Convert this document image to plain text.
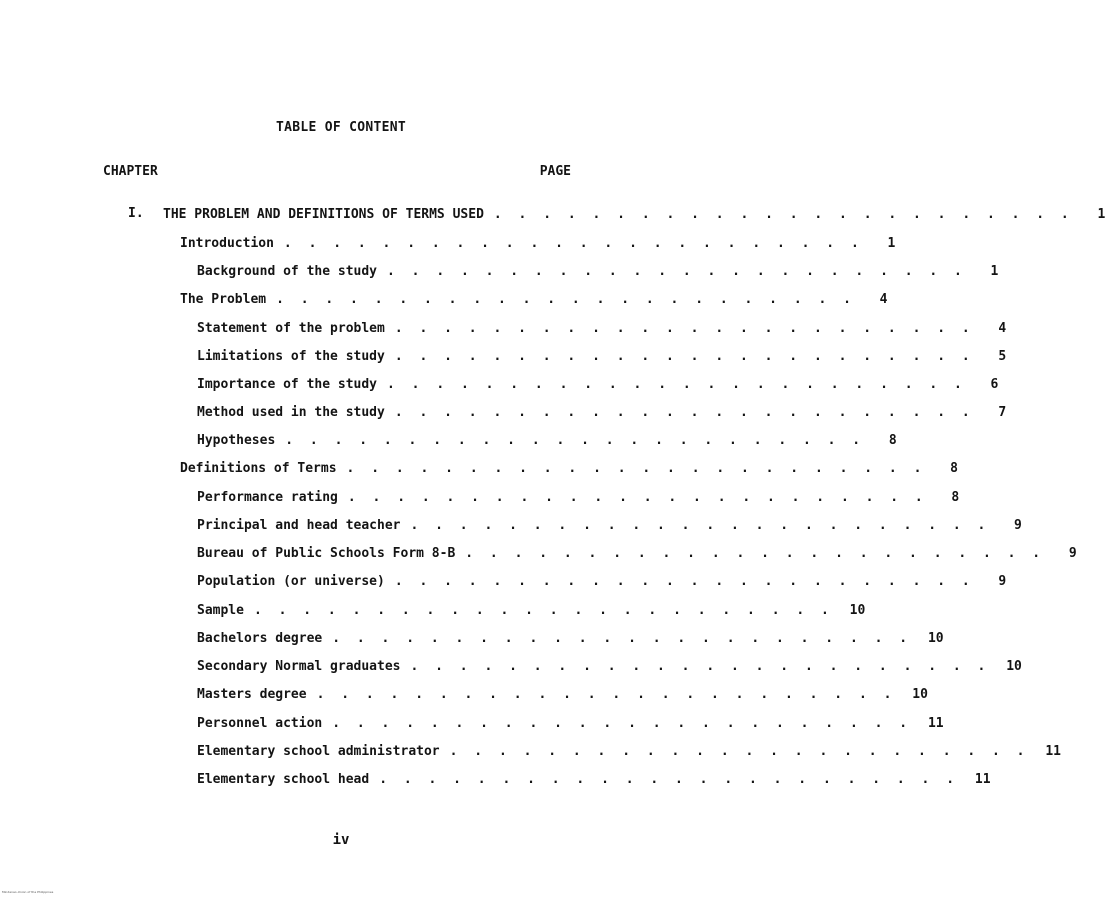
TABLE OF CONTENT
CHAPTER	PAGE
I. THE PROBLEM AND DEFINITIONS OF TERMS USED . . . . . . . . . . . . . . . . . . . . . . . .	1
Introduction . . . . . . . . . . . . . . . . . . . . . . . .	1
Background of the study . . . . . . . . . . . . . . . . . . . . . . . .	1
The Problem . . . . . . . . . . . . . . . . . . . . . . . .	4
Statement of the problem . . . . . . . . . . . . . . . . . . . . . . . .	4
Limitations of the study . . . . . . . . . . . . . . . . . . . . . . . .	5
Importance of the study . . . . . . . . . . . . . . . . . . . . . . . .	6
Method used in the study . . . . . . . . . . . . . . . . . . . . . . . .	7
Hypotheses . . . . . . . . . . . . . . . . . . . . . . . .	8
Definitions of Terms . . . . . . . . . . . . . . . . . . . . . . . .	8
Performance rating . . . . . . . . . . . . . . . . . . . . . . . .	8
Principal and head teacher . . . . . . . . . . . . . . . . . . . . . . . .	9
Bureau of Public Schools Form 8-B . . . . . . . . . . . . . . . . . . . . . . . .	9
Population (or universe) . . . . . . . . . . . . . . . . . . . . . . . .	9
Sample . . . . . . . . . . . . . . . . . . . . . . . .	10
Bachelors degree . . . . . . . . . . . . . . . . . . . . . . . .	10
Secondary Normal graduates . . . . . . . . . . . . . . . . . . . . . . . .	10
Masters degree . . . . . . . . . . . . . . . . . . . . . . . .	10
Personnel action . . . . . . . . . . . . . . . . . . . . . . . .	11
Elementary school administrator . . . . . . . . . . . . . . . . . . . . . . . .	11
Elementary school head . . . . . . . . . . . . . . . . . . . . . . . .	11
iv
Mindanao-Union of the Philippines
